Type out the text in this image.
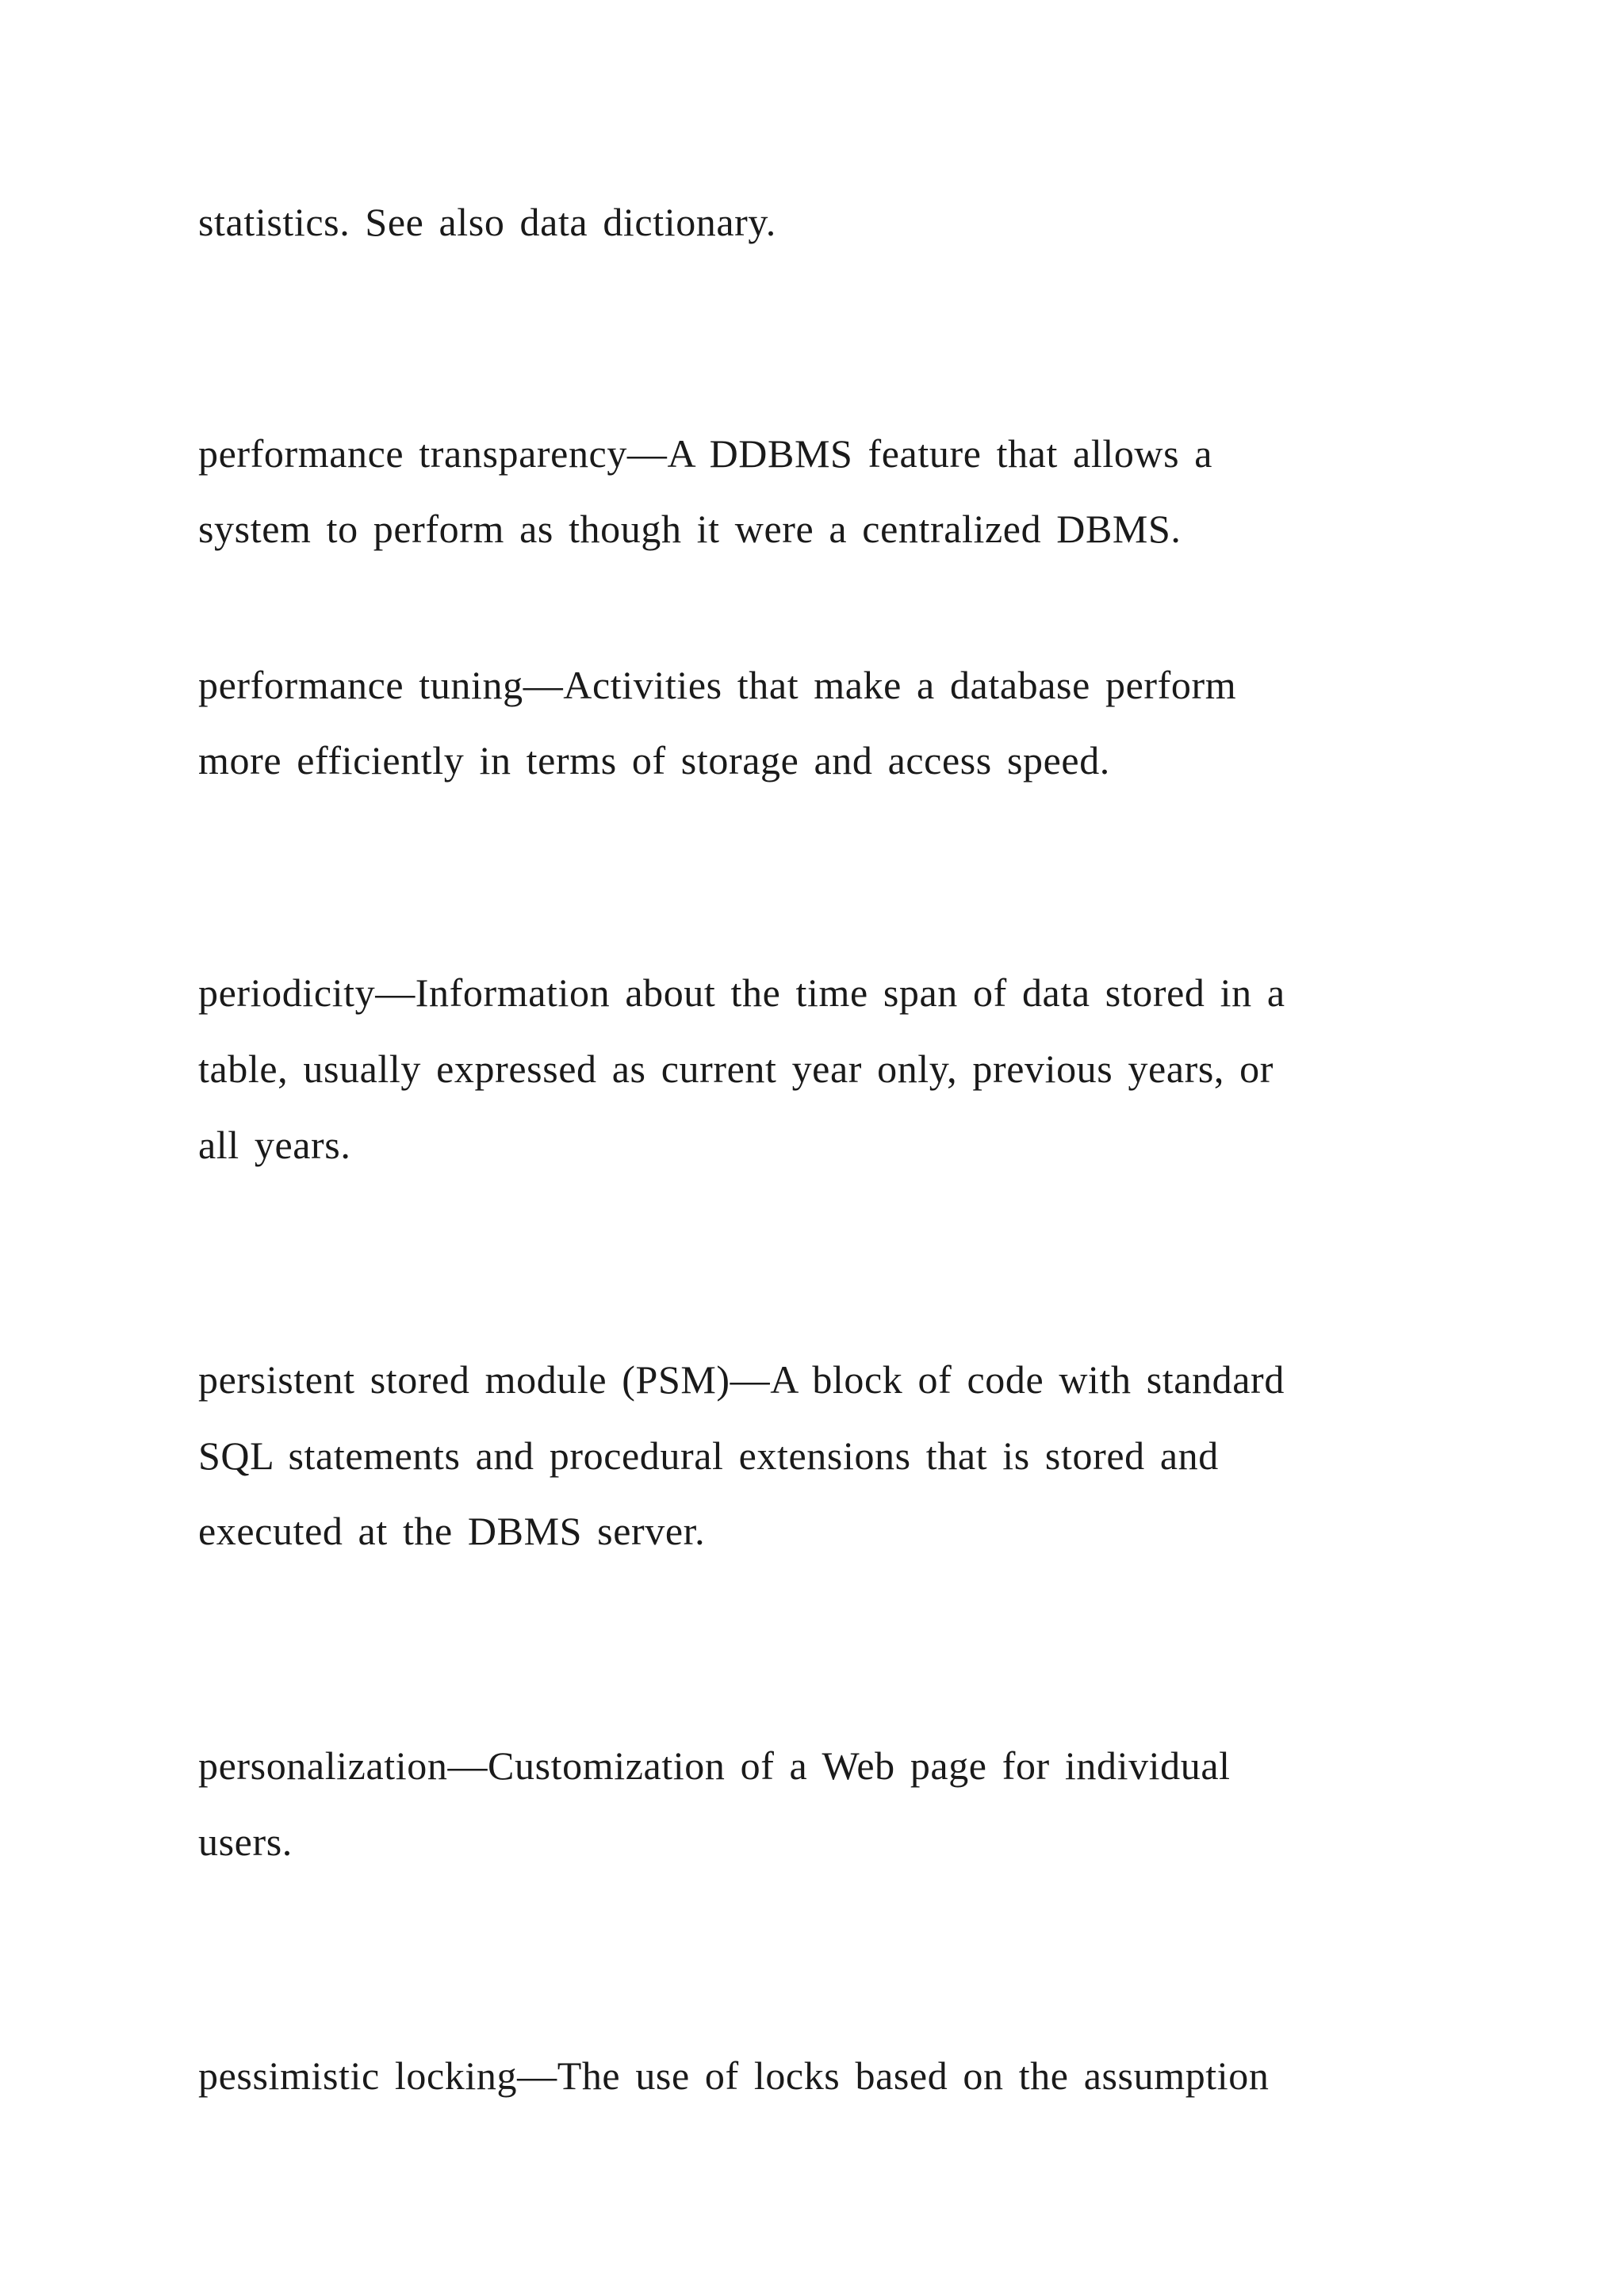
statistics. See also data dictionary.
performance transparency—A DDBMS feature that allows a
system to perform as though it were a centralized DBMS.
performance tuning—Activities that make a database perform
more efficiently in terms of storage and access speed.
periodicity—Information about the time span of data stored in a
table, usually expressed as current year only, previous years, or
all years.
persistent stored module (PSM)—A block of code with standard
SQL statements and procedural extensions that is stored and
executed at the DBMS server.
personalization—Customization of a Web page for individual
users.
pessimistic locking—The use of locks based on the assumption
